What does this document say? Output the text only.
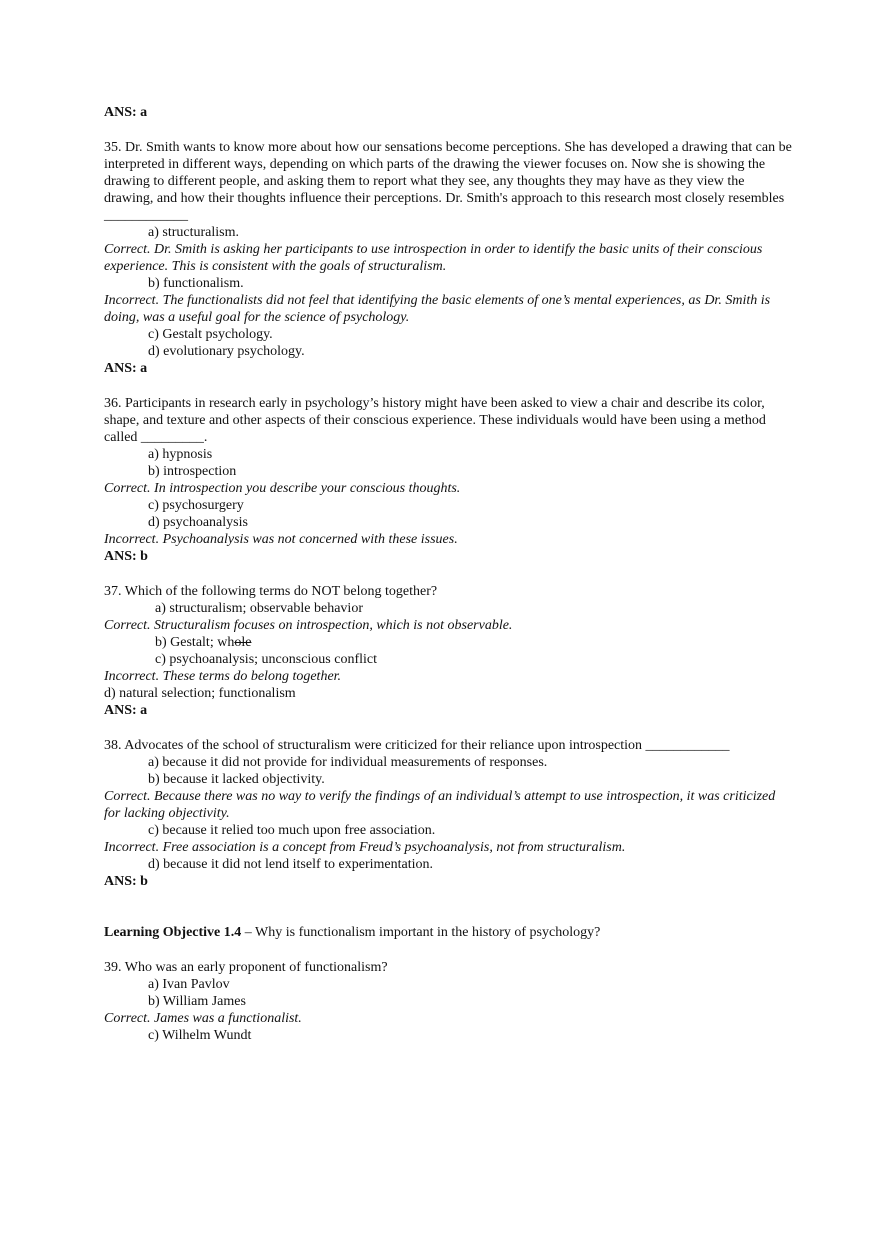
ANS: a
35. Dr. Smith wants to know more about how our sensations become perceptions. She has developed a drawing that can be interpreted in different ways, depending on which parts of the drawing the viewer focuses on. Now she is showing the drawing to different people, and asking them to report what they see, any thoughts they may have as they view the drawing, and how their thoughts influence their perceptions. Dr. Smith's approach to this research most closely resembles ____________
a) structuralism.
Correct. Dr. Smith is asking her participants to use introspection in order to identify the basic units of their conscious experience. This is consistent with the goals of structuralism.
b) functionalism.
Incorrect. The functionalists did not feel that identifying the basic elements of one’s mental experiences, as Dr. Smith is doing, was a useful goal for the science of psychology.
c) Gestalt psychology.
d) evolutionary psychology.
ANS: a
36. Participants in research early in psychology’s history might have been asked to view a chair and describe its color, shape, and texture and other aspects of their conscious experience. These individuals would have been using a method called _________.
a) hypnosis
b) introspection
Correct. In introspection you describe your conscious thoughts.
c) psychosurgery
d) psychoanalysis
Incorrect. Psychoanalysis was not concerned with these issues.
ANS: b
37. Which of the following terms do NOT belong together?
a) structuralism; observable behavior
Correct. Structuralism focuses on introspection, which is not observable.
b) Gestalt; whole
c) psychoanalysis; unconscious conflict
Incorrect. These terms do belong together.
d) natural selection; functionalism
ANS: a
38. Advocates of the school of structuralism were criticized for their reliance upon introspection ____________
a) because it did not provide for individual measurements of responses.
b) because it lacked objectivity.
Correct. Because there was no way to verify the findings of an individual’s attempt to use introspection, it was criticized for lacking objectivity.
c) because it relied too much upon free association.
Incorrect. Free association is a concept from Freud’s psychoanalysis, not from structuralism.
d) because it did not lend itself to experimentation.
ANS: b
Learning Objective 1.4 – Why is functionalism important in the history of psychology?
39. Who was an early proponent of functionalism?
a) Ivan Pavlov
b) William James
Correct. James was a functionalist.
c) Wilhelm Wundt
